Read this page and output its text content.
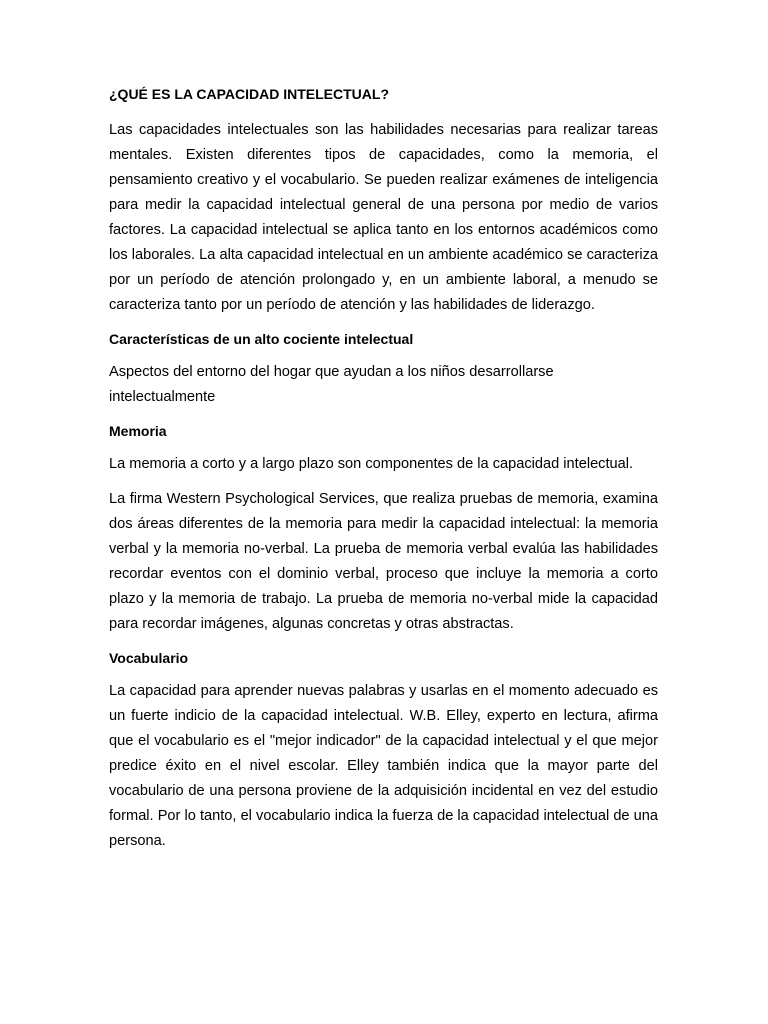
¿QUÉ ES LA CAPACIDAD INTELECTUAL?

Las capacidades intelectuales son las habilidades necesarias para realizar tareas mentales. Existen diferentes tipos de capacidades, como la memoria, el pensamiento creativo y el vocabulario. Se pueden realizar exámenes de inteligencia para medir la capacidad intelectual general de una persona por medio de varios factores. La capacidad intelectual se aplica tanto en los entornos académicos como los laborales. La alta capacidad intelectual en un ambiente académico se caracteriza por un período de atención prolongado y, en un ambiente laboral, a menudo se caracteriza tanto por un período de atención y las habilidades de liderazgo.

Características de un alto cociente intelectual

Aspectos del entorno del hogar que ayudan a los niños desarrollarse intelectualmente

Memoria

La memoria a corto y a largo plazo son componentes de la capacidad intelectual.

La firma Western Psychological Services, que realiza pruebas de memoria, examina dos áreas diferentes de la memoria para medir la capacidad intelectual: la memoria verbal y la memoria no-verbal. La prueba de memoria verbal evalúa las habilidades recordar eventos con el dominio verbal, proceso que incluye la memoria a corto plazo y la memoria de trabajo. La prueba de memoria no-verbal mide la capacidad para recordar imágenes, algunas concretas y otras abstractas.

Vocabulario

La capacidad para aprender nuevas palabras y usarlas en el momento adecuado es un fuerte indicio de la capacidad intelectual. W.B. Elley, experto en lectura, afirma que el vocabulario es el "mejor indicador" de la capacidad intelectual y el que mejor predice éxito en el nivel escolar. Elley también indica que la mayor parte del vocabulario de una persona proviene de la adquisición incidental en vez del estudio formal. Por lo tanto, el vocabulario indica la fuerza de la capacidad intelectual de una persona.
